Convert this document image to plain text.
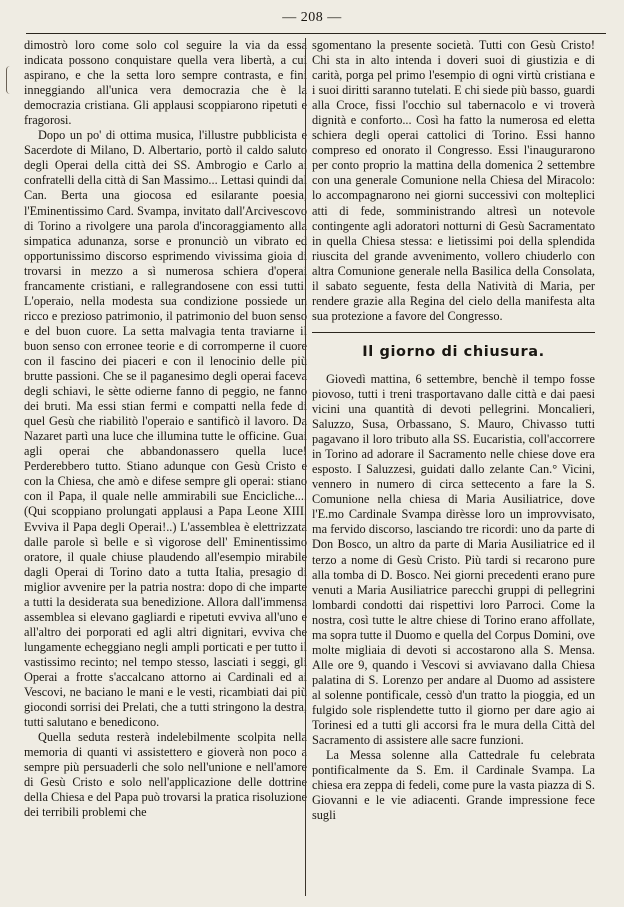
— 208 —

dimostrò loro come solo col seguire la via da essa indicata possono conquistare quella vera libertà, a cui aspirano, e che la setta loro sempre contrasta, e fini inneggiando all'unica vera democrazia che è la democrazia cristiana. Gli applausi scoppiarono ripetuti e fragorosi.

Dopo un po' di ottima musica, l'illustre pubblicista e Sacerdote di Milano, D. Albertario, portò il caldo saluto degli Operai della città dei SS. Ambrogio e Carlo ai confratelli della città di San Massimo... Lettasi quindi dal Can. Berta una giocosa ed esilarante poesia, l'Eminentissimo Card. Svampa, invitato dall'Arcivescovo di Torino a rivolgere una parola d'incoraggiamento alla simpatica adunanza, sorse e pronunciò un vibrato ed opportunissimo discorso esprimendo vivissima gioia di trovarsi in mezzo a sì numerosa schiera d'operai francamente cristiani, e rallegrandosene con essi tutti. L'operaio, nella modesta sua condizione possiede un ricco e prezioso patrimonio, il patrimonio del buon senso e del buon cuore. La setta malvagia tenta traviarne il buon senso con erronee teorie e di corromperne il cuore con il fascino dei piaceri e con il lenocinio delle più brutte passioni. Che se il paganesimo degli operai faceva degli schiavi, le sètte odierne fanno di peggio, ne fanno dei bruti. Ma essi stian fermi e compatti nella fede di quel Gesù che riabilitò l'operaio e santificò il lavoro. Da Nazaret partì una luce che illumina tutte le officine. Guai agli operai che abbandonassero quella luce! Perderebbero tutto. Stiano adunque con Gesù Cristo e con la Chiesa, che amò e difese sempre gli operai: stiano con il Papa, il quale nelle ammirabili sue Encicliche.... (Qui scoppiano prolungati applausi a Papa Leone XIII. Evviva il Papa degli Operai!..) L'assemblea è elettrizzata dalle parole sì belle e sì vigorose dell' Eminentissimo oratore, il quale chiuse plaudendo all'esempio mirabile dagli Operai di Torino dato a tutta Italia, presagio di miglior avvenire per la patria nostra: dopo di che imparte a tutti la desiderata sua benedizione. Allora dall'immensa assemblea si elevano gagliardi e ripetuti evviva all'uno e all'altro dei porporati ed agli altri dignitari, evviva che lungamente echeggiano negli ampli porticati e per tutto il vastissimo recinto; nel tempo stesso, lasciati i seggi, gli Operai a frotte s'accalcano attorno ai Cardinali ed ai Vescovi, ne baciano le mani e le vesti, ricambiati dai più giocondi sorrisi dei Prelati, che a tutti stringono la destra, tutti salutano e benedicono.

Quella seduta resterà indelebilmente scolpita nella memoria di quanti vi assistettero e gioverà non poco a sempre più persuaderli che solo nell'unione e nell'amore di Gesù Cristo e solo nell'applicazione delle dottrine della Chiesa e del Papa può trovarsi la pratica risoluzione dei terribili problemi che

sgomentano la presente società. Tutti con Gesù Cristo! Chi sta in alto intenda i doveri suoi di giustizia e di carità, porga pel primo l'esempio di ogni virtù cristiana e i suoi diritti saranno tutelati. E chi siede più basso, guardi alla Croce, fissi l'occhio sul tabernacolo e vi troverà dignità e conforto... Così ha fatto la numerosa ed eletta schiera degli operai cattolici di Torino. Essi hanno compreso ed onorato il Congresso. Essi l'inaugurarono per conto proprio la mattina della domenica 2 settembre con una generale Comunione nella Chiesa del Miracolo: lo accompagnarono nei giorni successivi con molteplici atti di fede, somministrando altresì un notevole contingente agli adoratori notturni di Gesù Sacramentato in quella Chiesa stessa: e lietissimi poi della splendida riuscita del grande avvenimento, vollero chiuderlo con altra Comunione generale nella Basilica della Consolata, il sabato seguente, festa della Natività di Maria, per rendere grazie alla Regina del cielo della manifesta alta sua protezione a favore del Congresso.

Il giorno di chiusura.

Giovedì mattina, 6 settembre, benchè il tempo fosse piovoso, tutti i treni trasportavano dalle città e dai paesi vicini una quantità di devoti pellegrini. Moncalieri, Saluzzo, Susa, Orbassano, S. Mauro, Chivasso tutti pagavano il loro tributo alla SS. Eucaristia, coll'accorrere in Torino ad adorare il Sacramento nelle chiese dove era esposto. I Saluzzesi, guidati dallo zelante Can.° Vicini, vennero in numero di circa settecento a fare la S. Comunione nella chiesa di Maria Ausiliatrice, dove l'E.mo Cardinale Svampa dirèsse loro un improvvisato, ma fervido discorso, lasciando tre ricordi: uno da parte di Don Bosco, un altro da parte di Maria Ausiliatrice ed il terzo a nome di Gesù Cristo. Più tardi si recarono pure alla tomba di D. Bosco. Nei giorni precedenti erano pure venuti a Maria Ausiliatrice parecchi gruppi di pellegrini lombardi condotti dai rispettivi loro Parroci. Come la nostra, così tutte le altre chiese di Torino erano affollate, ma sopra tutte il Duomo e quella del Corpus Domini, ove molte migliaia di devoti si accostarono alla S. Mensa. Alle ore 9, quando i Vescovi si avviavano dalla Chiesa palatina di S. Lorenzo per andare al Duomo ad assistere al solenne pontificale, cessò d'un tratto la pioggia, ed un fulgido sole risplendette tutto il giorno per dare agio ai Torinesi ed a tutti gli accorsi fra le mura della Città del Sacramento di assistere alle sacre funzioni.

La Messa solenne alla Cattedrale fu celebrata pontificalmente da S. Em. il Cardinale Svampa. La chiesa era zeppa di fedeli, come pure la vasta piazza di S. Giovanni e le vie adiacenti. Grande impressione fece sugli
